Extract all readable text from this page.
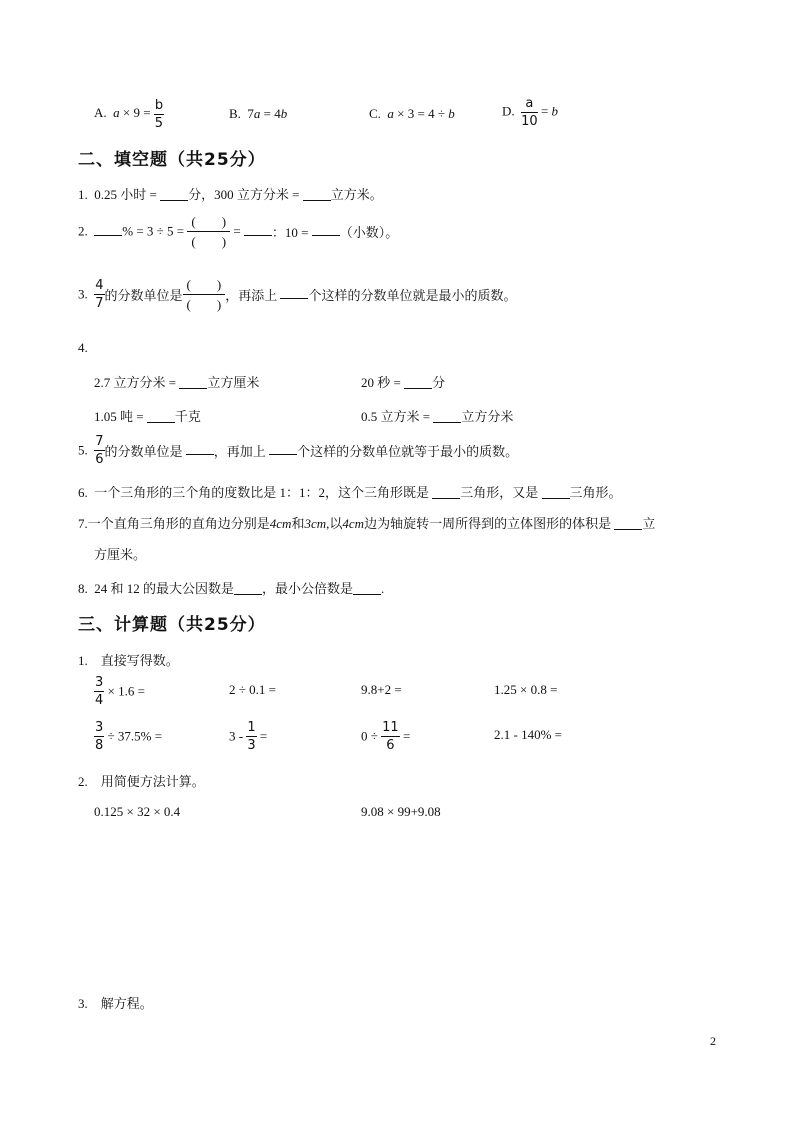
A. $a \times 9 = \frac{b}{5}$	B. 7a = 4b	C. a × 3 = 4 ÷ b	D. $\frac{a}{10} = b$
二、填空题（共25分）
1. 0.25 小时 = 分，300 立方分米 = 立方米。
2.	% = 3 ÷ 5 =
(　　)
(　　)
= ：10 = （小数）。
3. $\frac{4}{7}$ 的分数单位是
(　　)
(　　)
，再添上 个这样的分数单位就是最小的质数。
4.
2.7 立方分米 = 立方厘米	20 秒 = 分
1.05 吨 = 千克	0.5 立方米 = 立方分米
5. $\frac{7}{6}$ 的分数单位是 ，再加上 个这样的分数单位就等于最小的质数。
6. 一个三角形的三个角的度数比是 1：1：2，这个三角形既是 三角形，又是 三角形。
7.一个直角三角形的直角边分别是4cm和3cm,以4cm边为轴旋转一周所得到的立体图形的体积是 立
方厘米。
8. 24 和 12 的最大公因数是 ，最小公倍数是 .
三、计算题（共25分）
1.　直接写得数。
$\frac{3}{4} \times 1.6$ =	2 ÷ 0.1 =	9.8+2 =	1.25 × 0.8 =
$\frac{3}{8} \div 37.5\%$ =	$3 - \frac{1}{3}$ =	$0 \div \frac{11}{6}$ =	2.1 - 140% =
2.　用简便方法计算。
0.125 × 32 × 0.4	9.08 × 99+9.08
3.　解方程。
2
